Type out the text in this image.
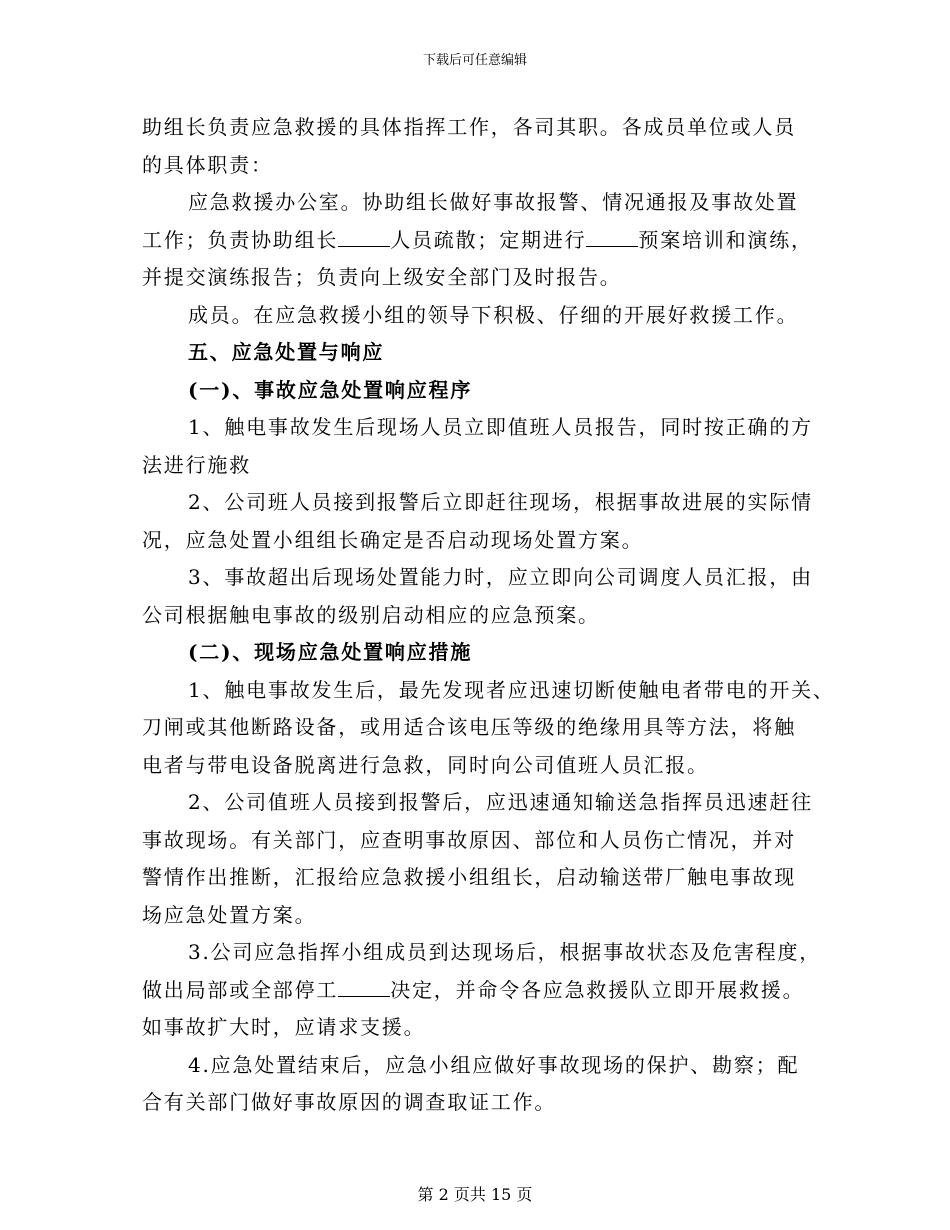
下载后可任意编辑
助组长负责应急救援的具体指挥工作，各司其职。各成员单位或人员
的具体职责：
应急救援办公室。协助组长做好事故报警、情况通报及事故处置
工作；负责协助组长	人员疏散；定期进行	预案培训和演练，
并提交演练报告；负责向上级安全部门及时报告。
成员。在应急救援小组的领导下积极、仔细的开展好救援工作。
五、应急处置与响应
(一)、事故应急处置响应程序
1、触电事故发生后现场人员立即值班人员报告，同时按正确的方
法进行施救
2、公司班人员接到报警后立即赶往现场，根据事故进展的实际情
况，应急处置小组组长确定是否启动现场处置方案。
3、事故超出后现场处置能力时，应立即向公司调度人员汇报，由
公司根据触电事故的级别启动相应的应急预案。
(二)、现场应急处置响应措施
1、触电事故发生后，最先发现者应迅速切断使触电者带电的开关、
刀闸或其他断路设备，或用适合该电压等级的绝缘用具等方法，将触
电者与带电设备脱离进行急救，同时向公司值班人员汇报。
2、公司值班人员接到报警后，应迅速通知输送急指挥员迅速赶往
事故现场。有关部门，应查明事故原因、部位和人员伤亡情况，并对
警情作出推断，汇报给应急救援小组组长，启动输送带厂触电事故现
场应急处置方案。
3.公司应急指挥小组成员到达现场后，根据事故状态及危害程度，
做出局部或全部停工	决定，并命令各应急救援队立即开展救援。
如事故扩大时，应请求支援。
4.应急处置结束后，应急小组应做好事故现场的保护、勘察；配
合有关部门做好事故原因的调查取证工作。
第 2 页共 15 页
